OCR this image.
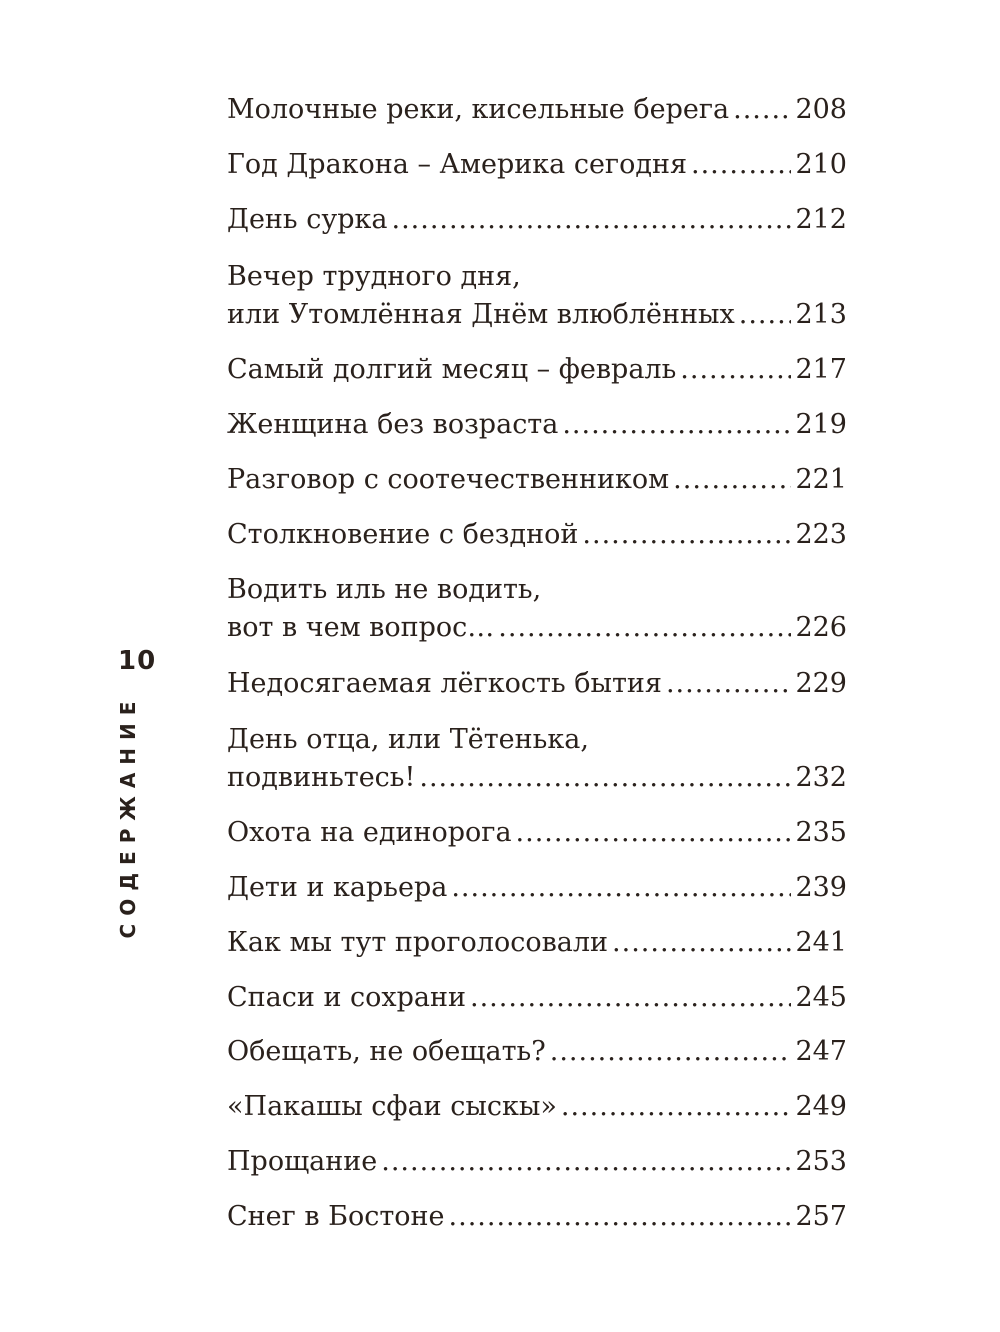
10
СОДЕРЖАНИЕ
Молочные реки, кисельные берега ..... 208
Год Дракона – Америка сегодня .....	210
День сурка .....	212
Вечер трудного дня,
или Утомлённая Днём влюблённых ..... 213
Самый долгий месяц – февраль .....	217
Женщина без возраста .....	219
Разговор с соотечественником .....	221
Столкновение с бездной .....	223
Водить иль не водить,
вот в чем вопрос… .....	226
Недосягаемая лёгкость бытия .....	229
День отца, или Тётенька,
подвиньтесь! .....	232
Охота на единорога .....	235
Дети и карьера .....	239
Как мы тут проголосовали .....	241
Спаси и сохрани .....	245
Обещать, не обещать? .....	247
«Пакашы сфаи сыскы» .....	249
Прощание .....	253
Снег в Бостоне .....	257
